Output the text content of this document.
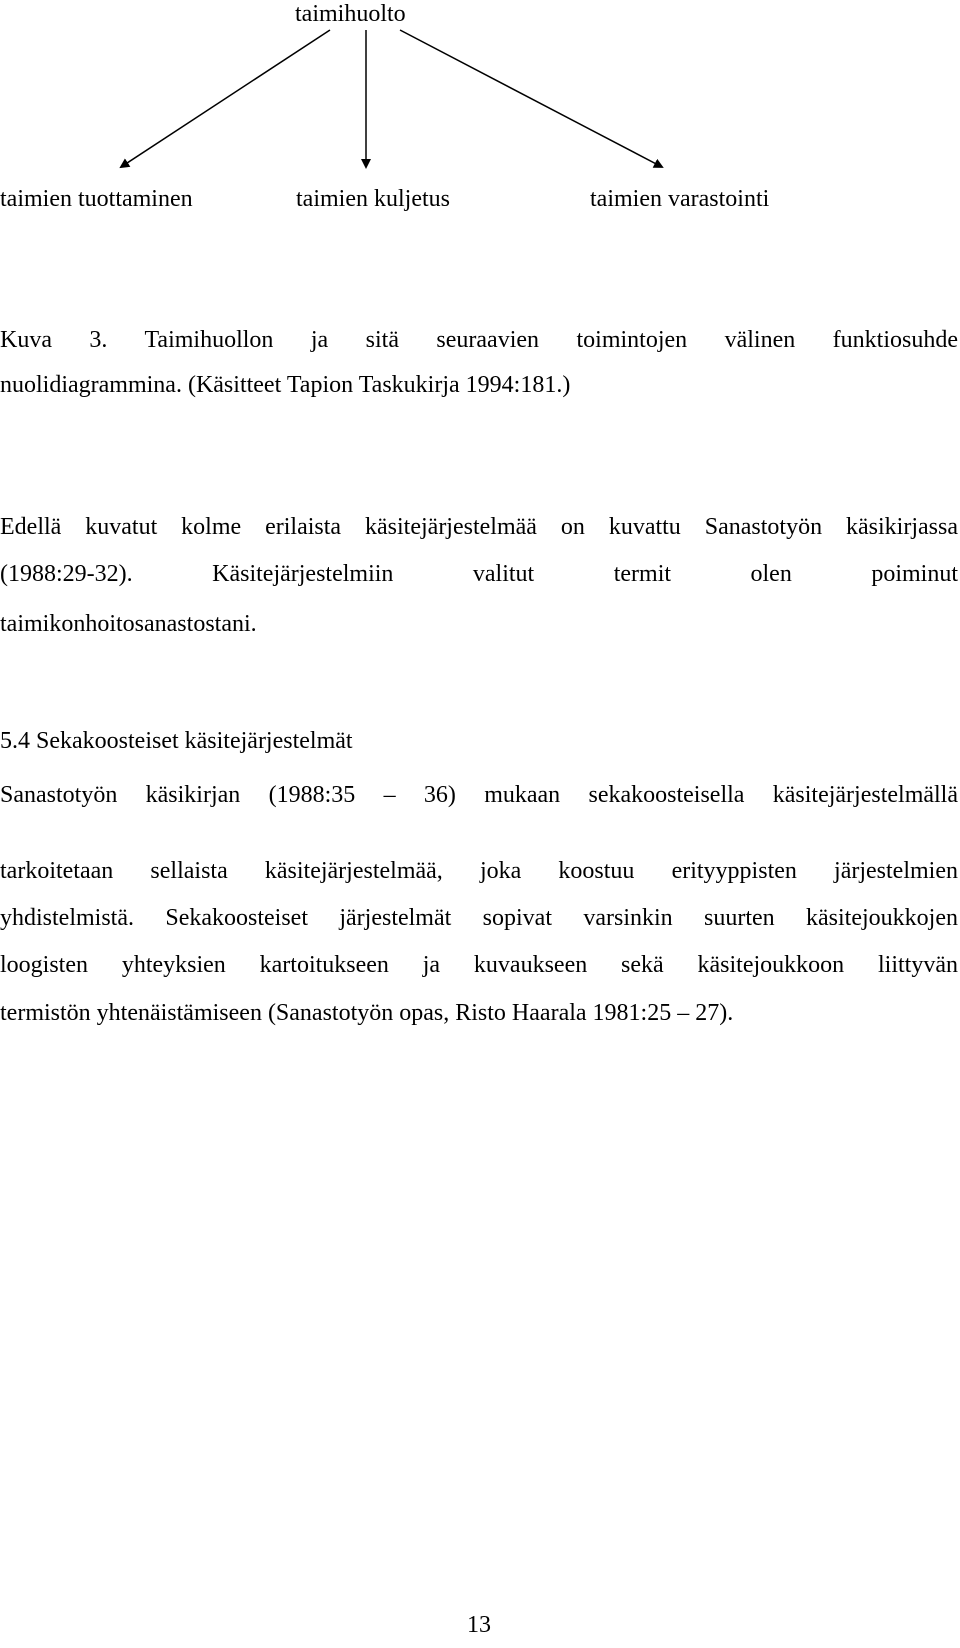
taimihuolto
taimien tuottaminen	taimien kuljetus	taimien varastointi
Kuva 3. Taimihuollon ja sitä seuraavien toimintojen välinen funktiosuhde
nuolidiagrammina. (Käsitteet Tapion Taskukirja 1994:181.)
Edellä kuvatut kolme erilaista käsitejärjestelmää on kuvattu Sanastotyön käsikirjassa
(1988:29-32). Käsitejärjestelmiin valitut termit olen poiminut
taimikonhoitosanastostani.
5.4 Sekakoosteiset käsitejärjestelmät
Sanastotyön käsikirjan (1988:35 – 36) mukaan sekakoosteisella käsitejärjestelmällä
tarkoitetaan sellaista käsitejärjestelmää, joka koostuu erityyppisten järjestelmien
yhdistelmistä. Sekakoosteiset järjestelmät sopivat varsinkin suurten käsitejoukkojen
loogisten yhteyksien kartoitukseen ja kuvaukseen sekä käsitejoukkoon liittyvän
termistön yhtenäistämiseen (Sanastotyön opas, Risto Haarala 1981:25 – 27).
13
